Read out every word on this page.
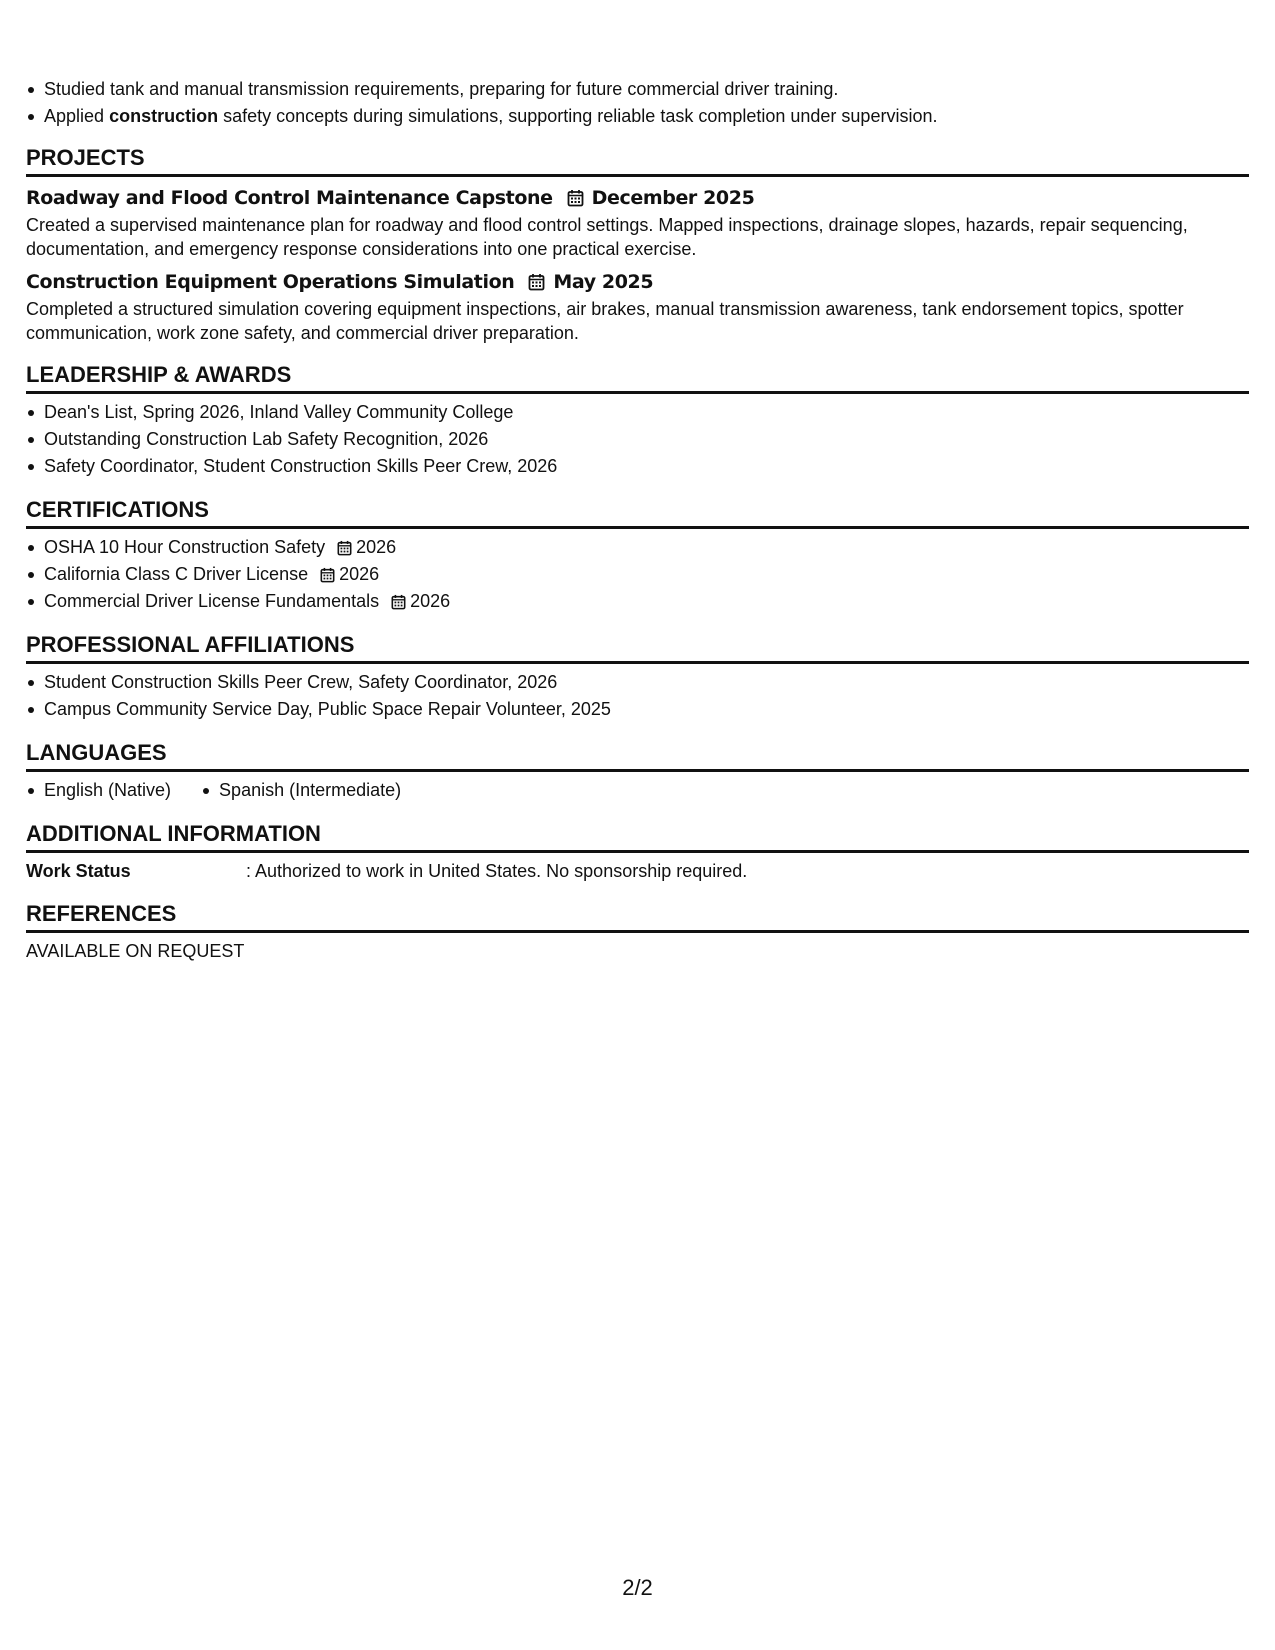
Studied tank and manual transmission requirements, preparing for future commercial driver training.
Applied construction safety concepts during simulations, supporting reliable task completion under supervision.
PROJECTS
Roadway and Flood Control Maintenance Capstone December 2025

Created a supervised maintenance plan for roadway and flood control settings. Mapped inspections, drainage slopes, hazards, repair sequencing, documentation, and emergency response considerations into one practical exercise.

Construction Equipment Operations Simulation May 2025

Completed a structured simulation covering equipment inspections, air brakes, manual transmission awareness, tank endorsement topics, spotter communication, work zone safety, and commercial driver preparation.

LEADERSHIP & AWARDS
Dean's List, Spring 2026, Inland Valley Community College
Outstanding Construction Lab Safety Recognition, 2026
Safety Coordinator, Student Construction Skills Peer Crew, 2026
CERTIFICATIONS
OSHA 10 Hour Construction Safety 2026
California Class C Driver License 2026
Commercial Driver License Fundamentals 2026
PROFESSIONAL AFFILIATIONS
Student Construction Skills Peer Crew, Safety Coordinator, 2026
Campus Community Service Day, Public Space Repair Volunteer, 2025
LANGUAGES
English (Native)	Spanish (Intermediate)
ADDITIONAL INFORMATION
Work Status	: Authorized to work in United States. No sponsorship required.
REFERENCES

AVAILABLE ON REQUEST

2/2
